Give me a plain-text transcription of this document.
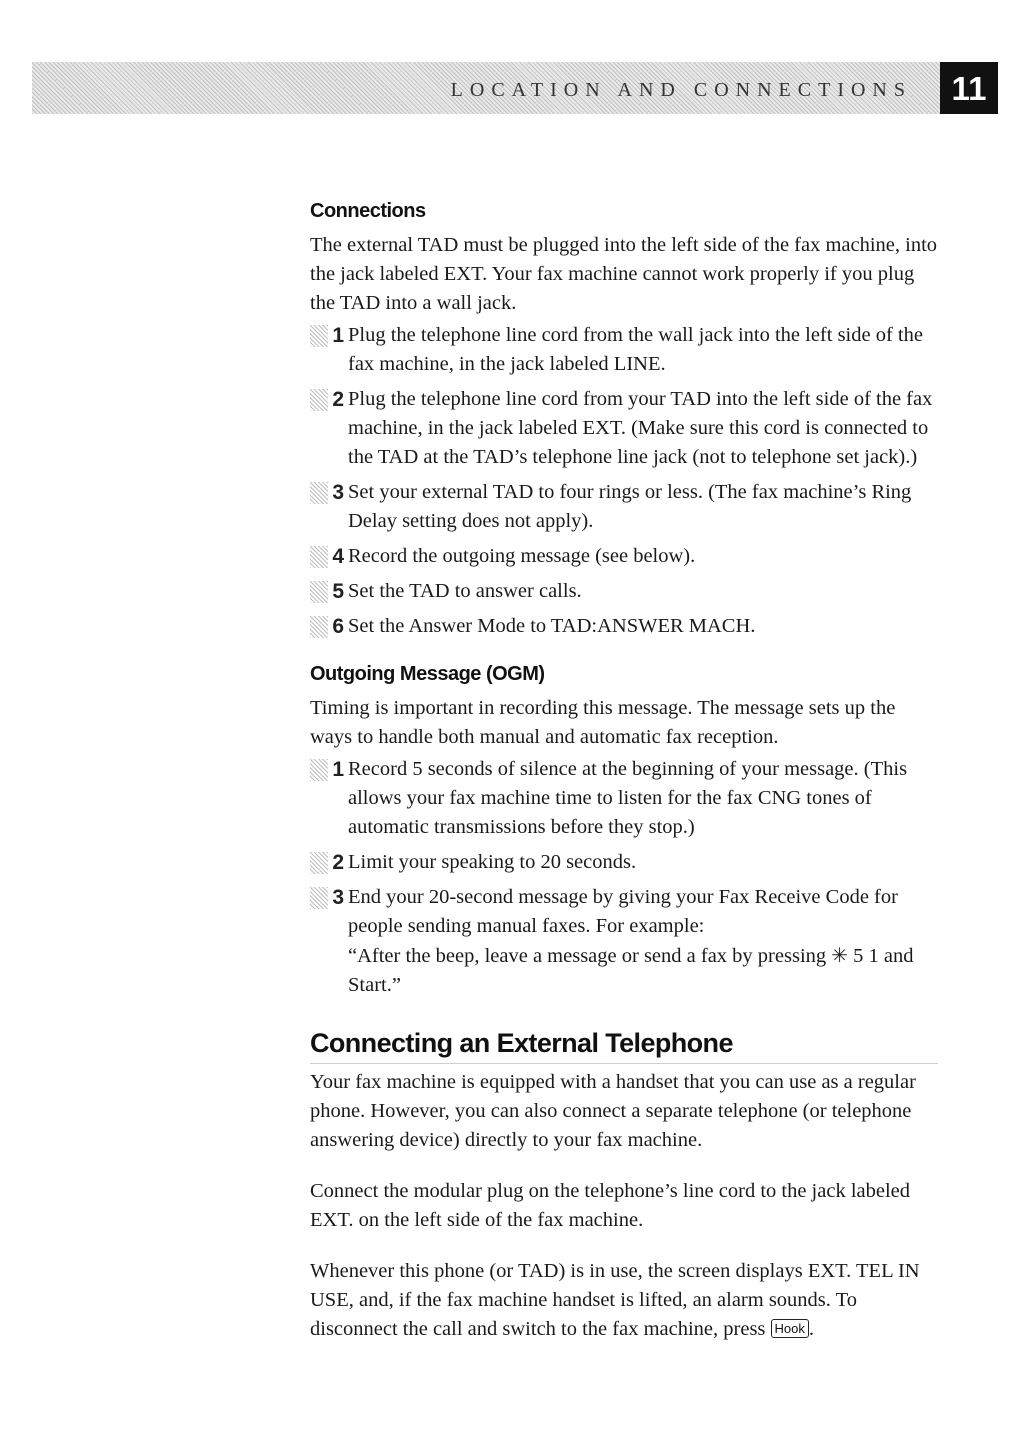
LOCATION AND CONNECTIONS	11
Connections

The external TAD must be plugged into the left side of the fax machine, into the jack labeled EXT. Your fax machine cannot work properly if you plug the TAD into a wall jack.

1 Plug the telephone line cord from the wall jack into the left side of the fax machine, in the jack labeled LINE.
2 Plug the telephone line cord from your TAD into the left side of the fax machine, in the jack labeled EXT. (Make sure this cord is connected to the TAD at the TAD’s telephone line jack (not to telephone set jack).)
3 Set your external TAD to four rings or less. (The fax machine’s Ring Delay setting does not apply).
4 Record the outgoing message (see below).
5 Set the TAD to answer calls.
6 Set the Answer Mode to TAD:ANSWER MACH.
Outgoing Message (OGM)

Timing is important in recording this message. The message sets up the ways to handle both manual and automatic fax reception.

1 Record 5 seconds of silence at the beginning of your message. (This allows your fax machine time to listen for the fax CNG tones of automatic transmissions before they stop.)
2 Limit your speaking to 20 seconds.
3 End your 20-second message by giving your Fax Receive Code for people sending manual faxes. For example:
“After the beep, leave a message or send a fax by pressing ✳ 5 1 and Start.”
Connecting an External Telephone

Your fax machine is equipped with a handset that you can use as a regular phone. However, you can also connect a separate telephone (or telephone answering device) directly to your fax machine.

Connect the modular plug on the telephone’s line cord to the jack labeled EXT. on the left side of the fax machine.

Whenever this phone (or TAD) is in use, the screen displays EXT. TEL IN USE, and, if the fax machine handset is lifted, an alarm sounds. To disconnect the call and switch to the fax machine, press Hook .
